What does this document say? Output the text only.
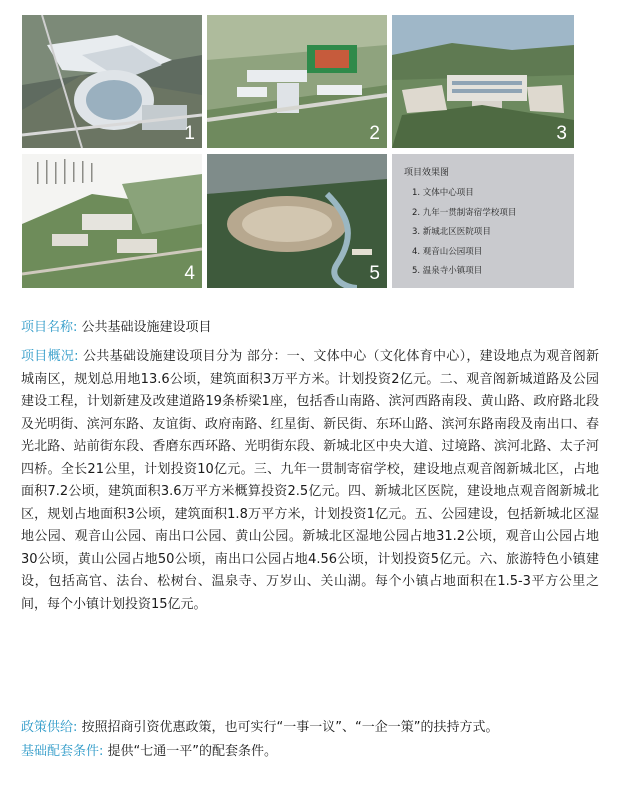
1	2	3
4	5
项目效果图
1. 文体中心项目
2. 九年一贯制寄宿学校项目
3. 新城北区医院项目
4. 观音山公园项目
5. 温泉寺小镇项目
项目名称: 公共基础设施建设项目
项目概况: 公共基础设施建设项目分为 部分：一、文体中心（文化体育中心），建设地点为观音阁新城南区，规划总用地13.6公顷，建筑面积3万平方米。计划投资2亿元。二、观音阁新城道路及公园建设工程，计划新建及改建道路19条桥梁1座，包括香山南路、滨河西路南段、黄山路、政府路北段及光明街、滨河东路、友谊街、政府南路、红星街、新民街、东环山路、滨河东路南段及南出口、春光北路、站前街东段、香磨东西环路、光明街东段、新城北区中央大道、过境路、滨河北路、太子河四桥。全长21公里，计划投资10亿元。三、九年一贯制寄宿学校，建设地点观音阁新城北区，占地面积7.2公顷，建筑面积3.6万平方米概算投资2.5亿元。四、新城北区医院，建设地点观音阁新城北区，规划占地面积3公顷，建筑面积1.8万平方米，计划投资1亿元。五、公园建设，包括新城北区湿地公园、观音山公园、南出口公园、黄山公园。新城北区湿地公园占地31.2公顷，观音山公园占地30公顷，黄山公园占地50公顷，南出口公园占地4.56公顷，计划投资5亿元。六、旅游特色小镇建设，包括高官、法台、松树台、温泉寺、万岁山、关山湖。每个小镇占地面积在1.5-3平方公里之间，每个小镇计划投资15亿元。
政策供给: 按照招商引资优惠政策，也可实行“一事一议”、“一企一策”的扶持方式。
基础配套条件: 提供“七通一平”的配套条件。
